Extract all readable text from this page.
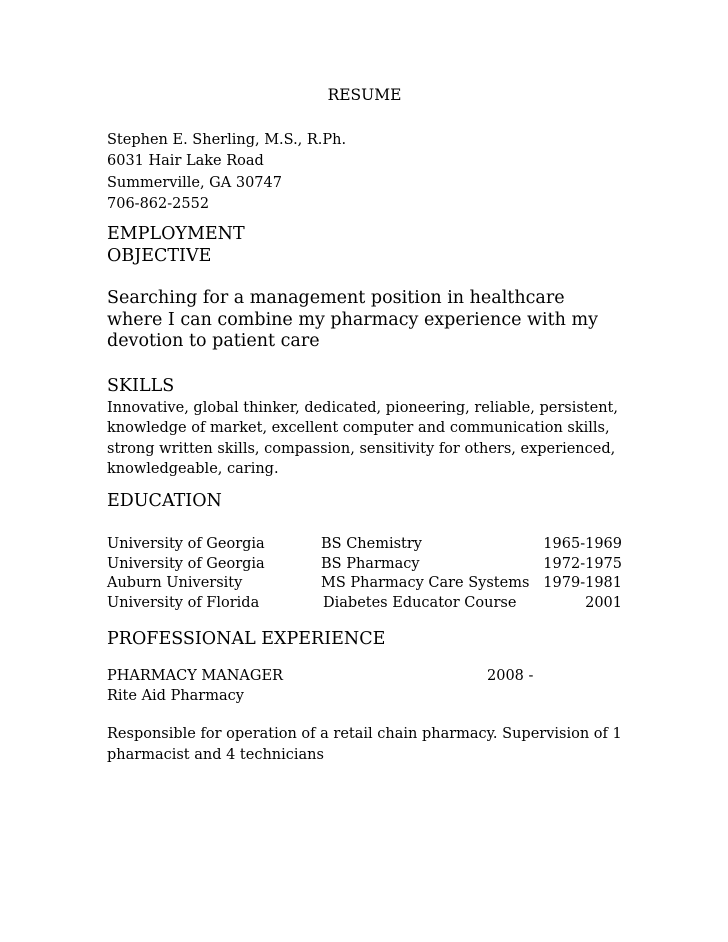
RESUME
Stephen E. Sherling, M.S., R.Ph.
6031 Hair Lake Road
Summerville, GA 30747
706-862-2552
EMPLOYMENT
OBJECTIVE
Searching for a management position in healthcare where I can combine my pharmacy experience with my devotion to patient care
SKILLS
Innovative, global thinker, dedicated, pioneering, reliable, persistent, knowledge of market, excellent computer and communication skills, strong written skills, compassion, sensitivity for others, experienced, knowledgeable, caring.
EDUCATION
University of Georgia	BS Chemistry	1965-1969
University of Georgia	BS Pharmacy	1972-1975
Auburn University	MS Pharmacy Care Systems 1979-1981
University of Florida	Diabetes Educator Course	2001
PROFESSIONAL EXPERIENCE
PHARMACY MANAGER	2008 -
Rite Aid Pharmacy
Responsible for operation of a retail chain pharmacy. Supervision of 1 pharmacist and 4 technicians
